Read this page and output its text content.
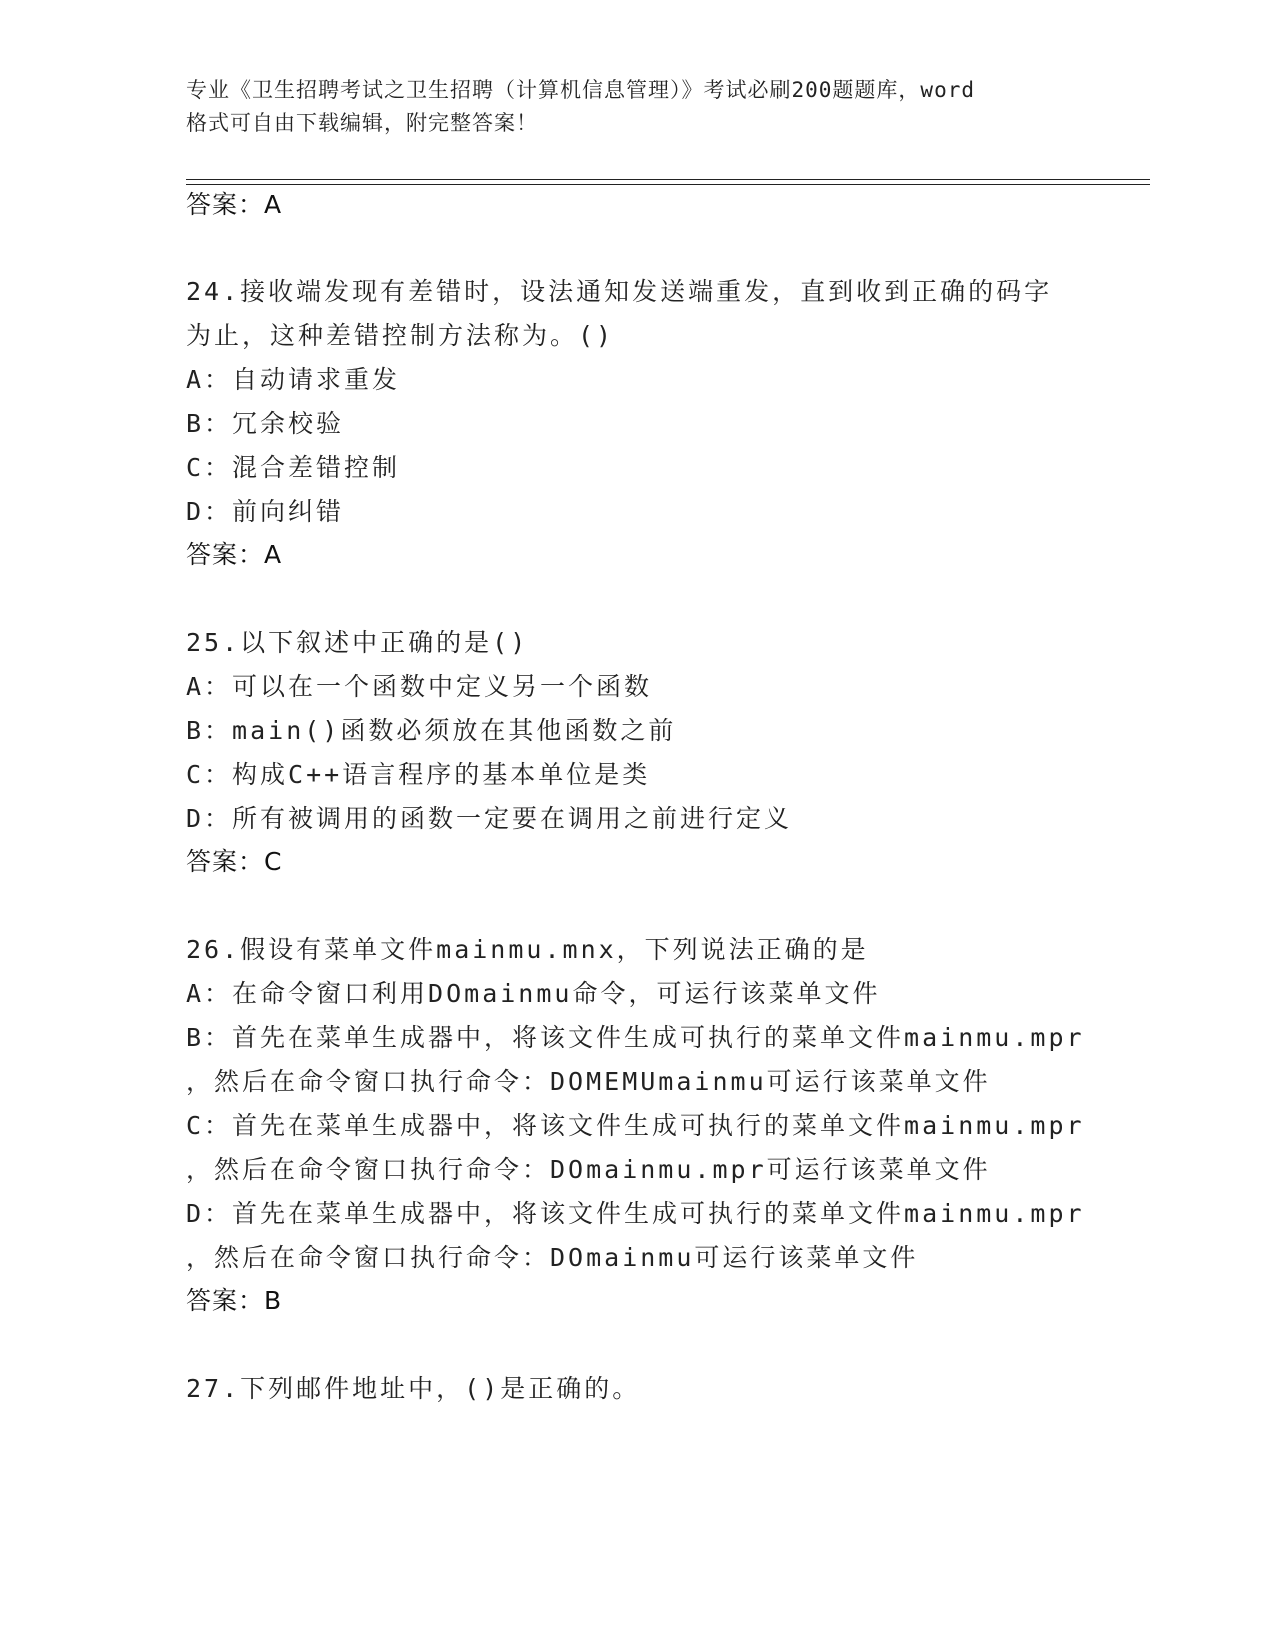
专业《卫生招聘考试之卫生招聘（计算机信息管理）》考试必刷200题题库，word
格式可自由下载编辑，附完整答案！
答案：A
24.接收端发现有差错时，设法通知发送端重发，直到收到正确的码字
为止，这种差错控制方法称为。()
A：自动请求重发
B：冗余校验
C：混合差错控制
D：前向纠错
答案：A
25.以下叙述中正确的是()
A：可以在一个函数中定义另一个函数
B：main()函数必须放在其他函数之前
C：构成C++语言程序的基本单位是类
D：所有被调用的函数一定要在调用之前进行定义
答案：C
26.假设有菜单文件mainmu.mnx，下列说法正确的是
A：在命令窗口利用DOmainmu命令，可运行该菜单文件
B：首先在菜单生成器中，将该文件生成可执行的菜单文件mainmu.mpr
，然后在命令窗口执行命令：DOMEMUmainmu可运行该菜单文件
C：首先在菜单生成器中，将该文件生成可执行的菜单文件mainmu.mpr
，然后在命令窗口执行命令：DOmainmu.mpr可运行该菜单文件
D：首先在菜单生成器中，将该文件生成可执行的菜单文件mainmu.mpr
，然后在命令窗口执行命令：DOmainmu可运行该菜单文件
答案：B
27.下列邮件地址中，()是正确的。
